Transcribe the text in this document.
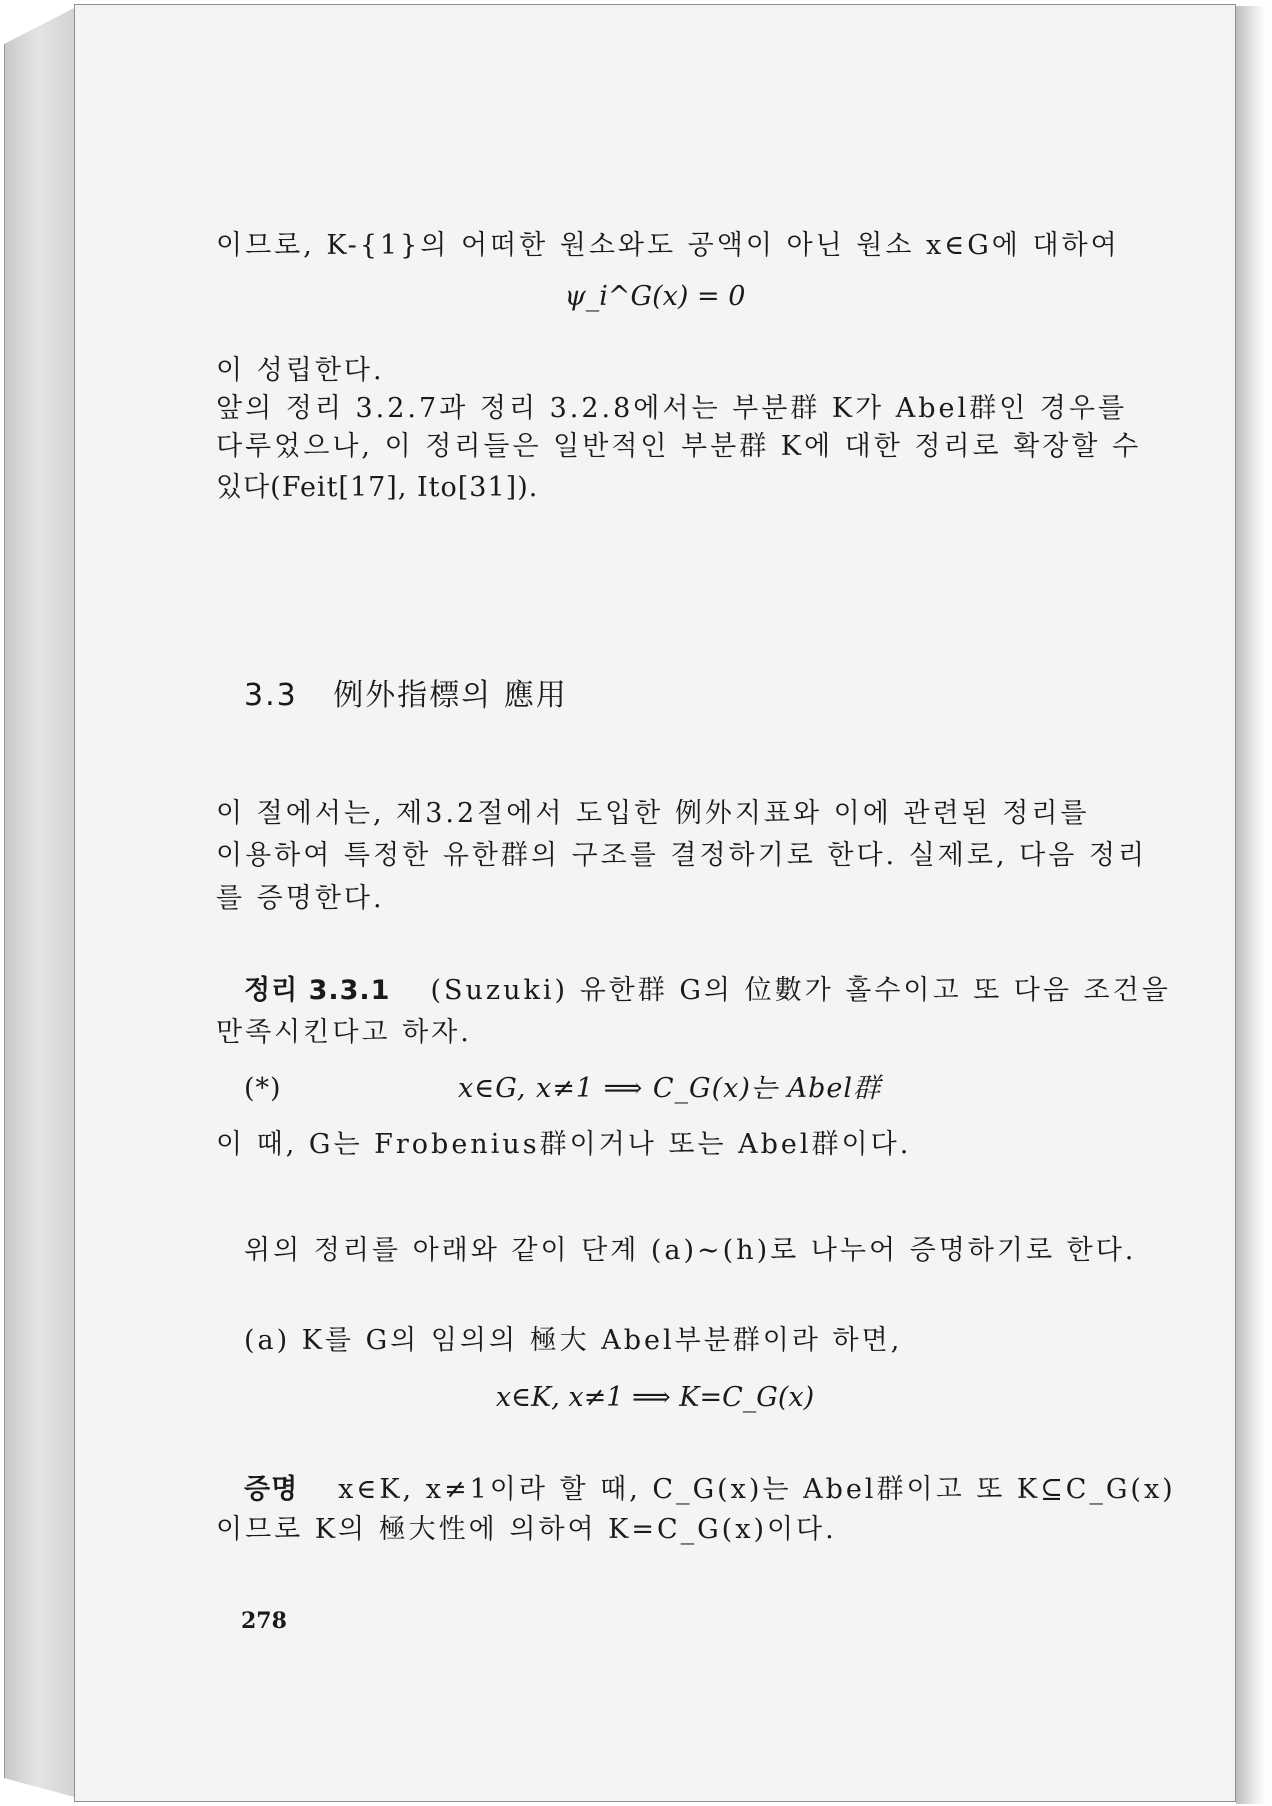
이므로, K-{1}의 어떠한 원소와도 공액이 아닌 원소 x∈G에 대하여
ψ_i^G(x) = 0
이 성립한다.
앞의 정리 3.2.7과 정리 3.2.8에서는 부분群 K가 Abel群인 경우를
다루었으나, 이 정리들은 일반적인 부분群 K에 대한 정리로 확장할 수
있다(Feit[17], Ito[31]).
3.3 例外指標의 應用
이 절에서는, 제3.2절에서 도입한 例外지표와 이에 관련된 정리를
이용하여 특정한 유한群의 구조를 결정하기로 한다. 실제로, 다음 정리
를 증명한다.
정리 3.3.1 (Suzuki) 유한群 G의 位數가 홀수이고 또 다음 조건을
만족시킨다고 하자.
(*)	x∈G, x≠1 ⟹ C_G(x)는 Abel群
이 때, G는 Frobenius群이거나 또는 Abel群이다.
위의 정리를 아래와 같이 단계 (a)∼(h)로 나누어 증명하기로 한다.
(a) K를 G의 임의의 極大 Abel부분群이라 하면,
x∈K, x≠1 ⟹ K=C_G(x)
증명 x∈K, x≠1이라 할 때, C_G(x)는 Abel群이고 또 K⊆C_G(x)
이므로 K의 極大性에 의하여 K=C_G(x)이다.
278
